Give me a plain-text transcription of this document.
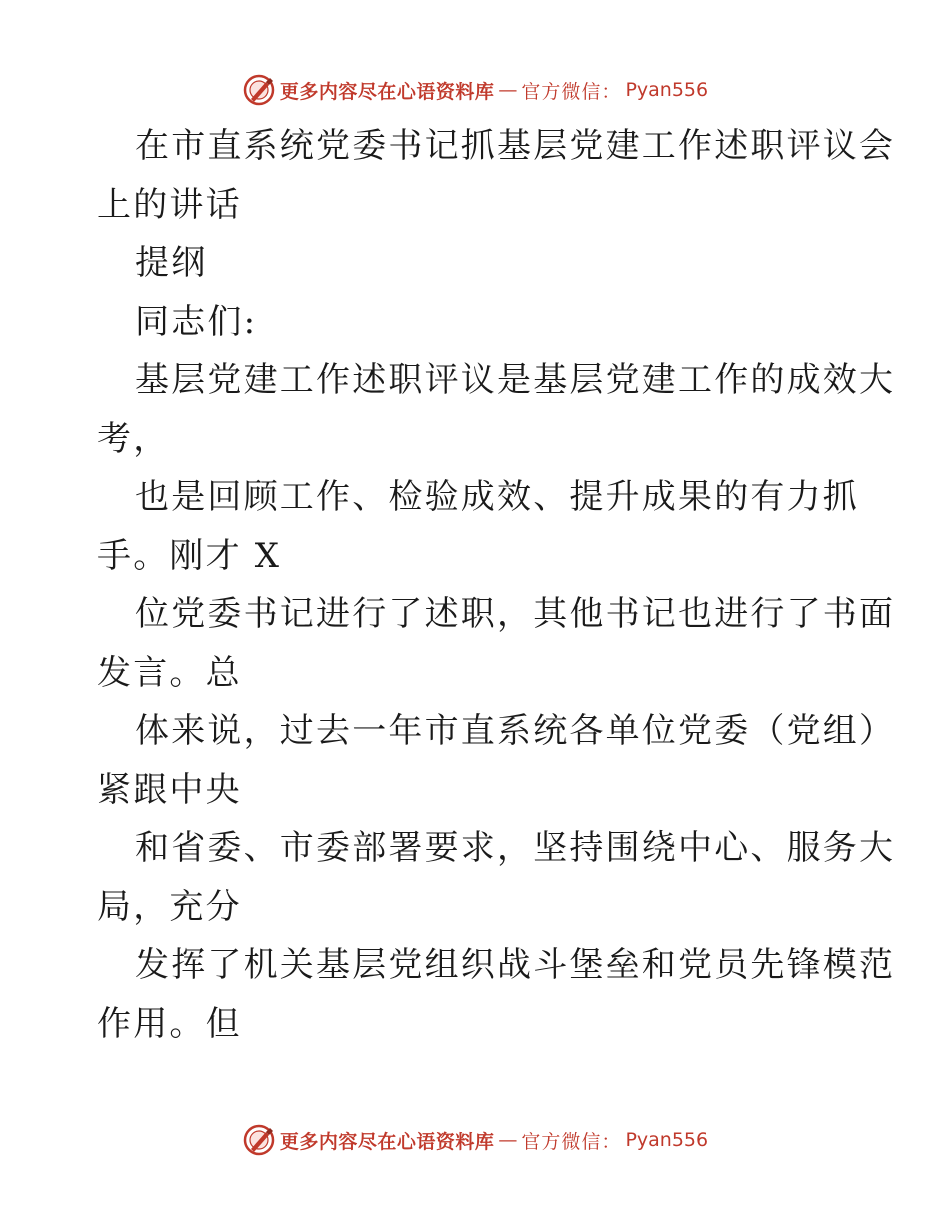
更多内容尽在心语资料库 — 官方微信： Pyan556
在市直系统党委书记抓基层党建工作述职评议会
上的讲话
提纲
同志们:
基层党建工作述职评议是基层党建工作的成效大
考，
也是回顾工作、检验成效、提升成果的有力抓
手。刚才 X
位党委书记进行了述职，其他书记也进行了书面
发言。总
体来说，过去一年市直系统各单位党委（党组）
紧跟中央
和省委、市委部署要求，坚持围绕中心、服务大
局，充分
发挥了机关基层党组织战斗堡垒和党员先锋模范
作用。但
更多内容尽在心语资料库 — 官方微信： Pyan556
